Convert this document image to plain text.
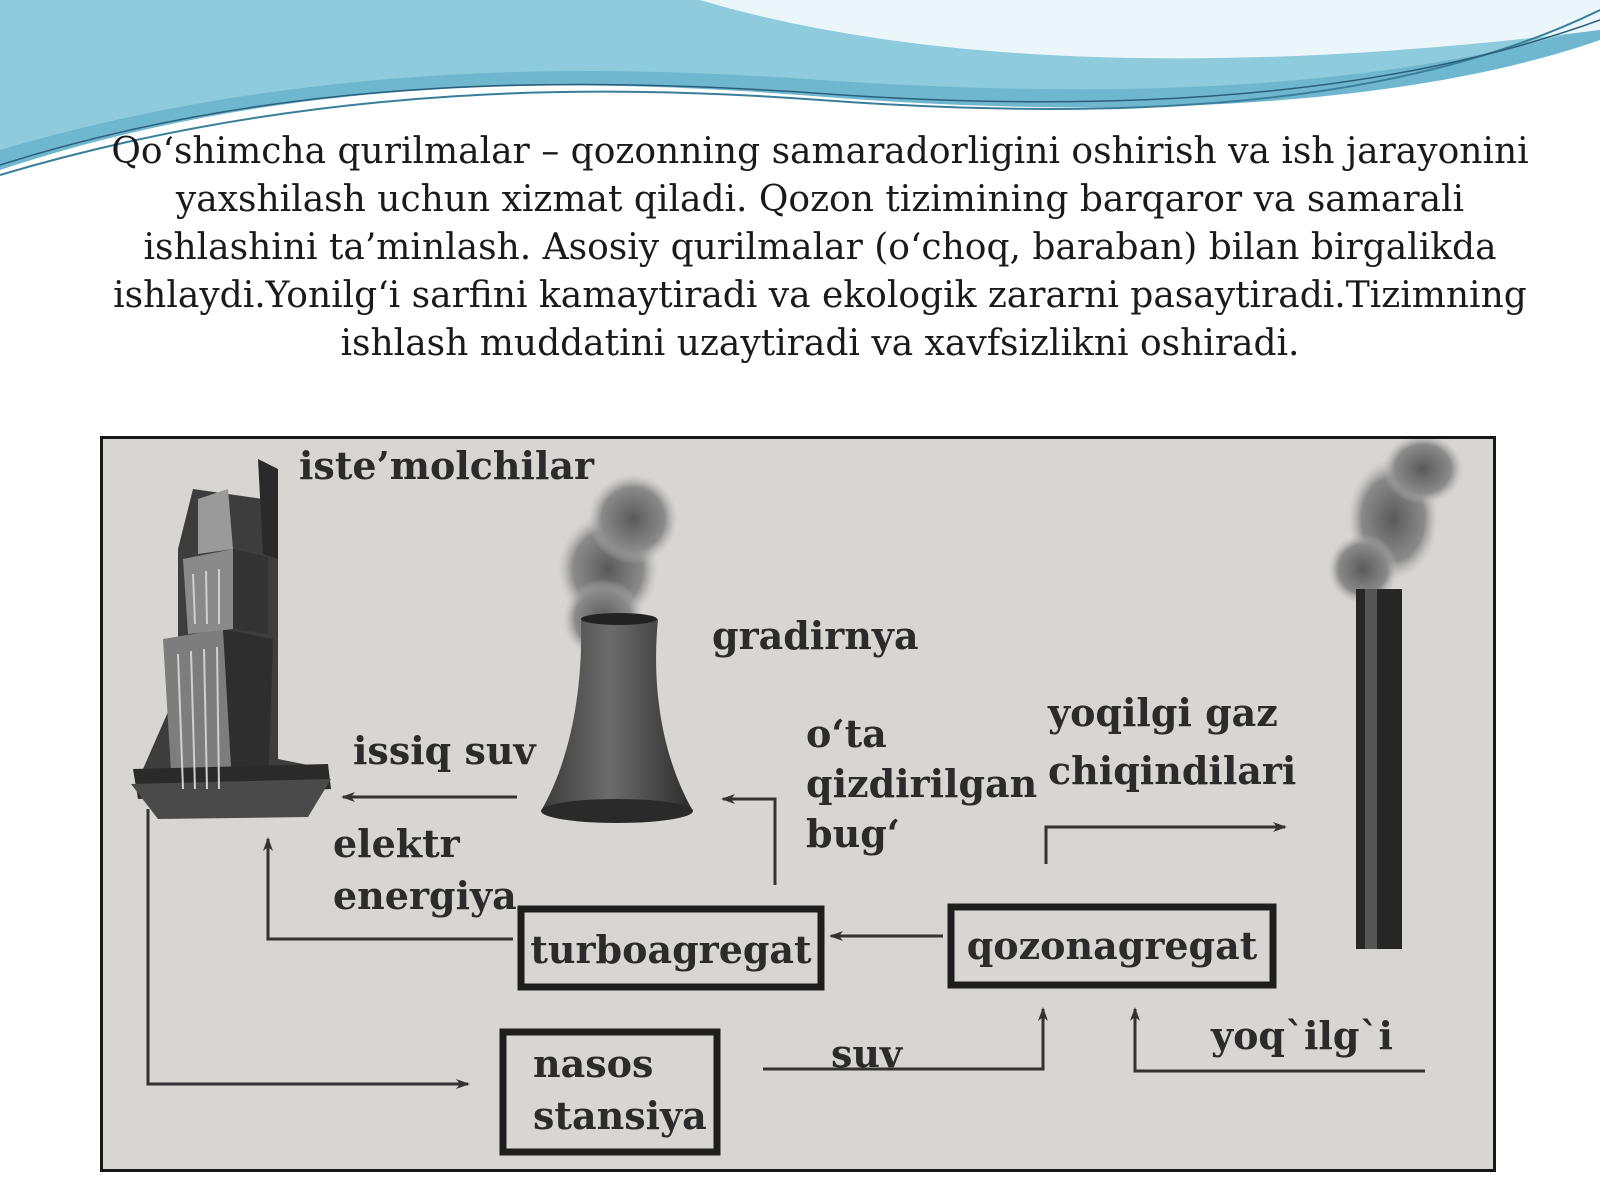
Qo‘shimcha qurilmalar – qozonning samaradorligini oshirish va ish jarayonini yaxshilash uchun xizmat qiladi. Qozon tizimining barqaror va samarali ishlashini ta’minlash. Asosiy qurilmalar (o‘choq, baraban) bilan birgalikda ishlaydi.Yonilg‘i sarfini kamaytiradi va ekologik zararni pasaytiradi.Tizimning ishlash muddatini uzaytiradi va xavfsizlikni oshiradi.
iste’molchilar
gradirnya
issiq suv
elektr
energiya
o‘ta
qizdirilgan
bug‘
yoqilgi gaz
chiqindilari
turboagregat	qozonagregat
nasos
stansiya
suv	yoq`ilg`i
